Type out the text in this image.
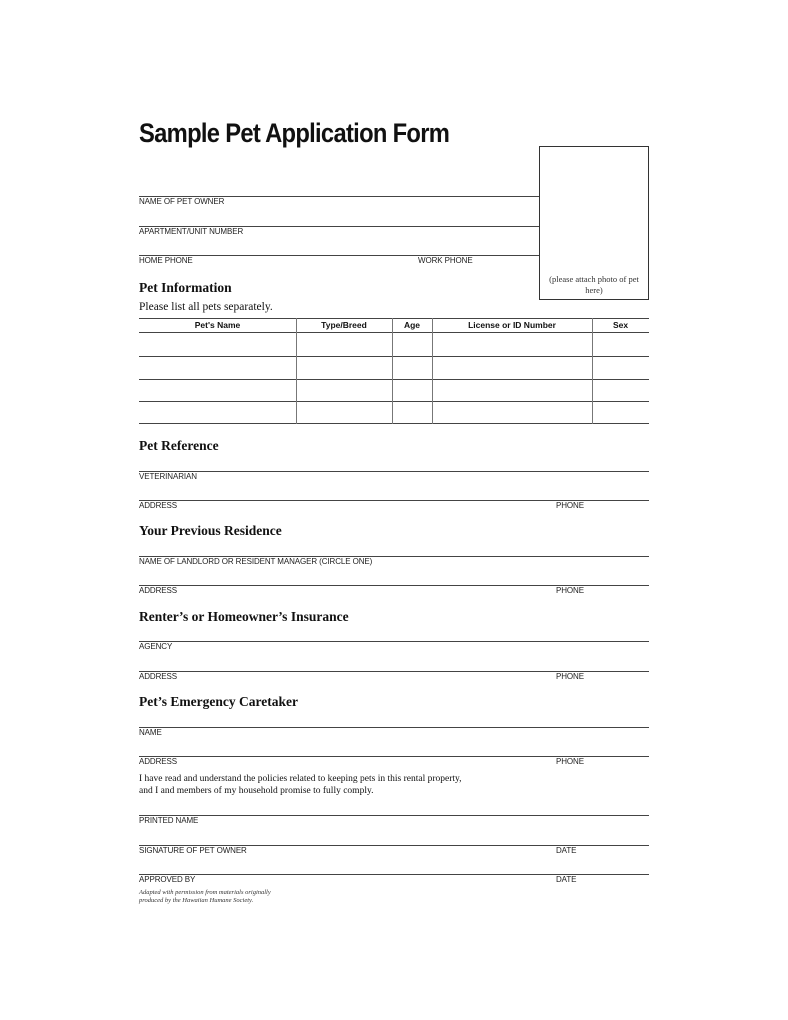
Sample Pet Application Form
(please attach photo of pet here)
NAME OF PET OWNER
APARTMENT/UNIT NUMBER
HOME PHONE	WORK PHONE
Pet Information
Please list all pets separately.
Pet's Name	Type/Breed	Age	License or ID Number	Sex
Pet Reference
VETERINARIAN
ADDRESS	PHONE
Your Previous Residence
NAME OF LANDLORD OR RESIDENT MANAGER (CIRCLE ONE)
ADDRESS	PHONE
Renter’s or Homeowner’s Insurance
AGENCY
ADDRESS	PHONE
Pet’s Emergency Caretaker
NAME
ADDRESS	PHONE
I have read and understand the policies related to keeping pets in this rental property,
and I and members of my household promise to fully comply.
PRINTED NAME
SIGNATURE OF PET OWNER	DATE
APPROVED BY	DATE
Adapted with permission from materials originally
produced by the Hawaiian Humane Society.
